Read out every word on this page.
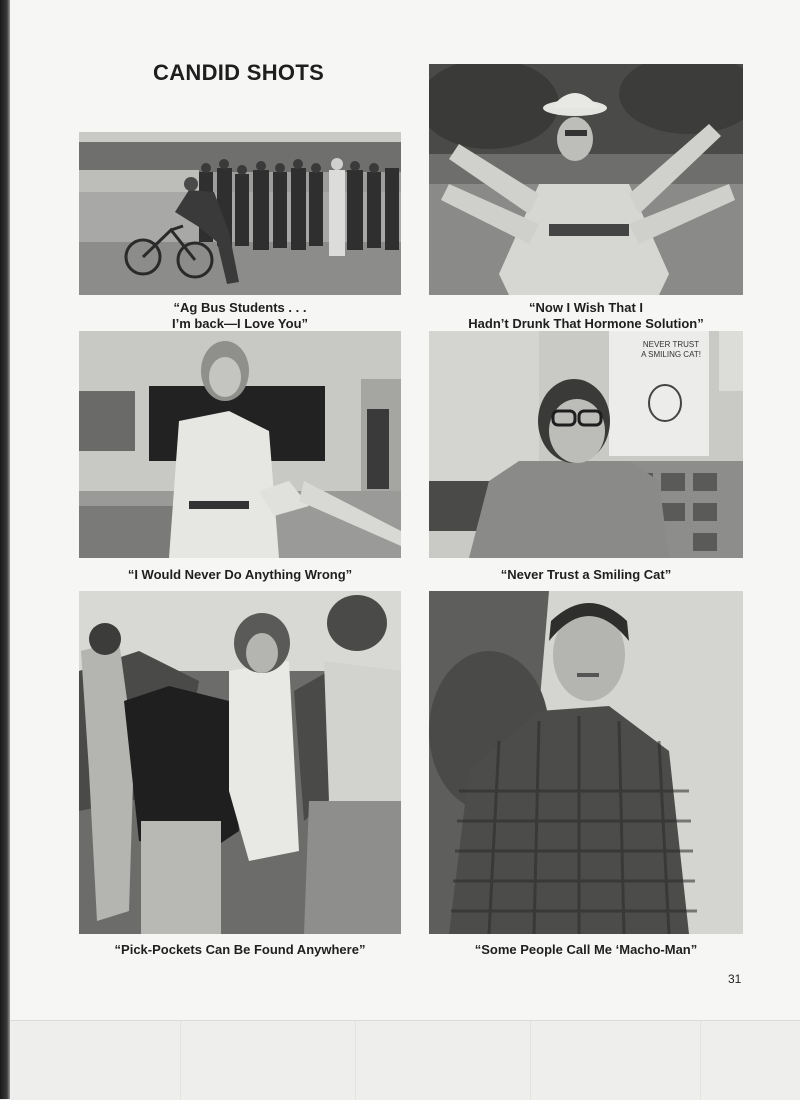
CANDID SHOTS
“Ag Bus Students . . .
I’m back—I Love You”
“Now I Wish That I
Hadn’t Drunk That Hormone Solution”
“I Would Never Do Anything Wrong”
NEVER TRUST
A SMILING CAT!
“Never Trust a Smiling Cat”
“Pick-Pockets Can Be Found Anywhere”	“Some People Call Me ‘Macho-Man”
31
